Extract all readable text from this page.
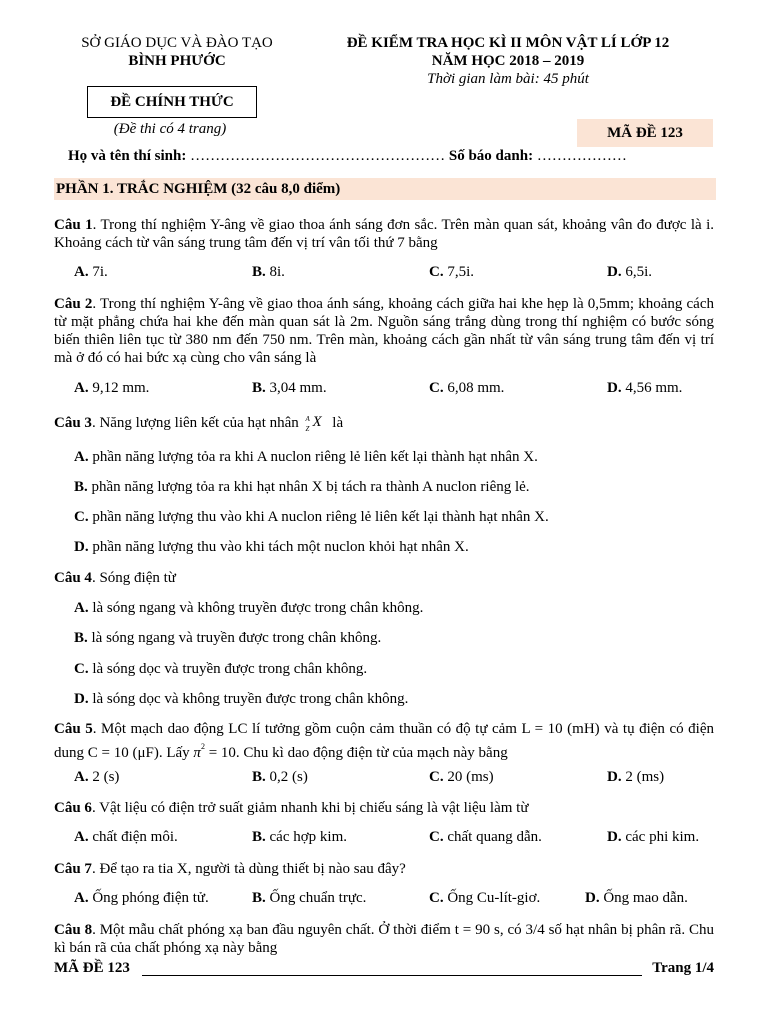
SỞ GIÁO DỤC VÀ ĐÀO TẠO
BÌNH PHƯỚC
ĐỀ KIỂM TRA HỌC KÌ II MÔN VẬT LÍ LỚP 12
NĂM HỌC 2018 – 2019
Thời gian làm bài: 45 phút
ĐỀ CHÍNH THỨC
(Đề thi có 4 trang)	MÃ ĐỀ 123
Họ và tên thí sinh: …………………………………………… Số báo danh: ………………
PHẦN 1. TRẮC NGHIỆM (32 câu 8,0 điểm)
Câu 1. Trong thí nghiệm Y-âng về giao thoa ánh sáng đơn sắc. Trên màn quan sát, khoảng vân đo được là i. Khoảng cách từ vân sáng trung tâm đến vị trí vân tối thứ 7 bằng
A. 7i.	B. 8i.	C. 7,5i.	D. 6,5i.
Câu 2. Trong thí nghiệm Y-âng về giao thoa ánh sáng, khoảng cách giữa hai khe hẹp là 0,5mm; khoảng cách từ mặt phẳng chứa hai khe đến màn quan sát là 2m. Nguồn sáng trắng dùng trong thí nghiệm có bước sóng biến thiên liên tục từ 380 nm đến 750 nm. Trên màn, khoảng cách gần nhất từ vân sáng trung tâm đến vị trí mà ở đó có hai bức xạ cùng cho vân sáng là
A. 9,12 mm.	B. 3,04 mm.	C. 6,08 mm.	D. 4,56 mm.
Câu 3. Năng lượng liên kết của hạt nhân A
Z X là
A. phần năng lượng tỏa ra khi A nuclon riêng lẻ liên kết lại thành hạt nhân X.
B. phần năng lượng tỏa ra khi hạt nhân X bị tách ra thành A nuclon riêng lẻ.
C. phần năng lượng thu vào khi A nuclon riêng lẻ liên kết lại thành hạt nhân X.
D. phần năng lượng thu vào khi tách một nuclon khỏi hạt nhân X.
Câu 4. Sóng điện từ
A. là sóng ngang và không truyền được trong chân không.
B. là sóng ngang và truyền được trong chân không.
C. là sóng dọc và truyền được trong chân không.
D. là sóng dọc và không truyền được trong chân không.
Câu 5. Một mạch dao động LC lí tưởng gồm cuộn cảm thuần có độ tự cảm L = 10 (mH) và tụ điện có điện dung C = 10 (μF). Lấy $\pi^2 = 10$. Chu kì dao động điện từ của mạch này bằng
A. 2 (s)	B. 0,2 (s)	C. 20 (ms)	D. 2 (ms)
Câu 6. Vật liệu có điện trở suất giảm nhanh khi bị chiếu sáng là vật liệu làm từ
A. chất điện môi.	B. các hợp kim.	C. chất quang dẫn.	D. các phi kim.
Câu 7. Để tạo ra tia X, người tà dùng thiết bị nào sau đây?
A. Ống phóng điện tử.	B. Ống chuẩn trực.	C. Ống Cu-lít-giơ.	D. Ống mao dẫn.
Câu 8. Một mẫu chất phóng xạ ban đầu nguyên chất. Ở thời điểm t = 90 s, có 3/4 số hạt nhân bị phân rã. Chu kì bán rã của chất phóng xạ này bằng
MÃ ĐỀ 123	Trang 1/4
